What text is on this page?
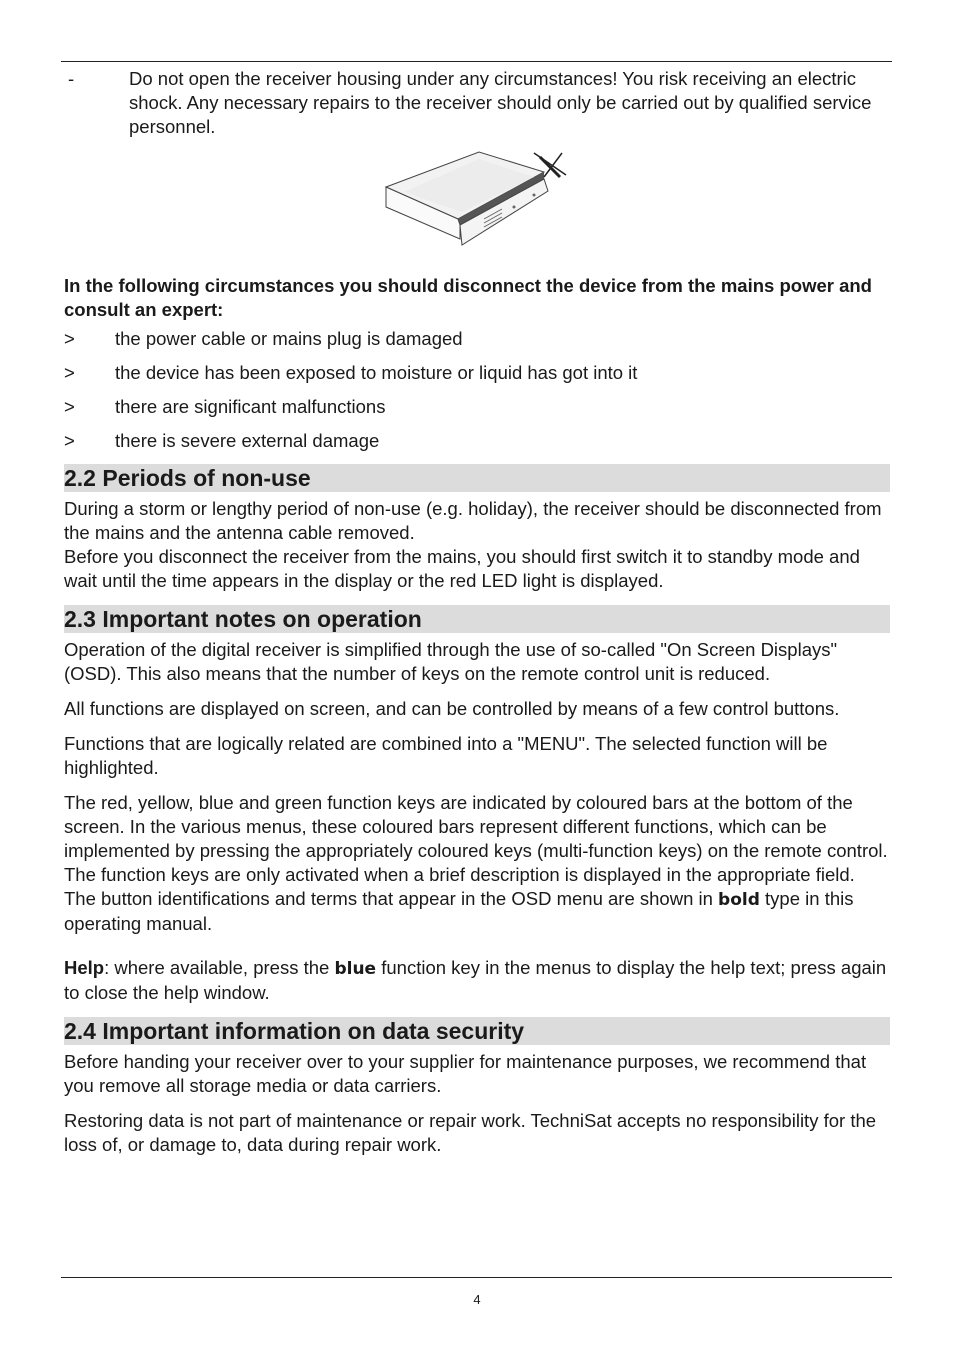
-	Do not open the receiver housing under any circumstances! You risk receiving an electric shock. Any necessary repairs to the receiver should only be carried out by qualified service personnel.
In the following circumstances you should disconnect the device from the mains power and consult an expert:
>	the power cable or mains plug is damaged
>	the device has been exposed to moisture or liquid has got into it
>	there are significant malfunctions
>	there is severe external damage
2.2 Periods of non-use

During a storm or lengthy period of non-use (e.g. holiday), the receiver should be disconnected from the mains and the antenna cable removed.

Before you disconnect the receiver from the mains, you should first switch it to standby mode and wait until the time appears in the display or the red LED light is displayed.

2.3 Important notes on operation

Operation of the digital receiver is simplified through the use of so-called "On Screen Displays" (OSD). This also means that the number of keys on the remote control unit is reduced.

All functions are displayed on screen, and can be controlled by means of a few control buttons.

Functions that are logically related are combined into a "MENU". The selected function will be highlighted.

The red, yellow, blue and green function keys are indicated by coloured bars at the bottom of the screen. In the various menus, these coloured bars represent different functions, which can be implemented by pressing the appropriately coloured keys (multi-function keys) on the remote control. The function keys are only activated when a brief description is displayed in the appropriate field.

The button identifications and terms that appear in the OSD menu are shown in bold type in this operating manual.

Help: where available, press the blue function key in the menus to display the help text; press again to close the help window.

2.4 Important information on data security

Before handing your receiver over to your supplier for maintenance purposes, we recommend that you remove all storage media or data carriers.

Restoring data is not part of maintenance or repair work. TechniSat accepts no responsibility for the loss of, or damage to, data during repair work.

4
